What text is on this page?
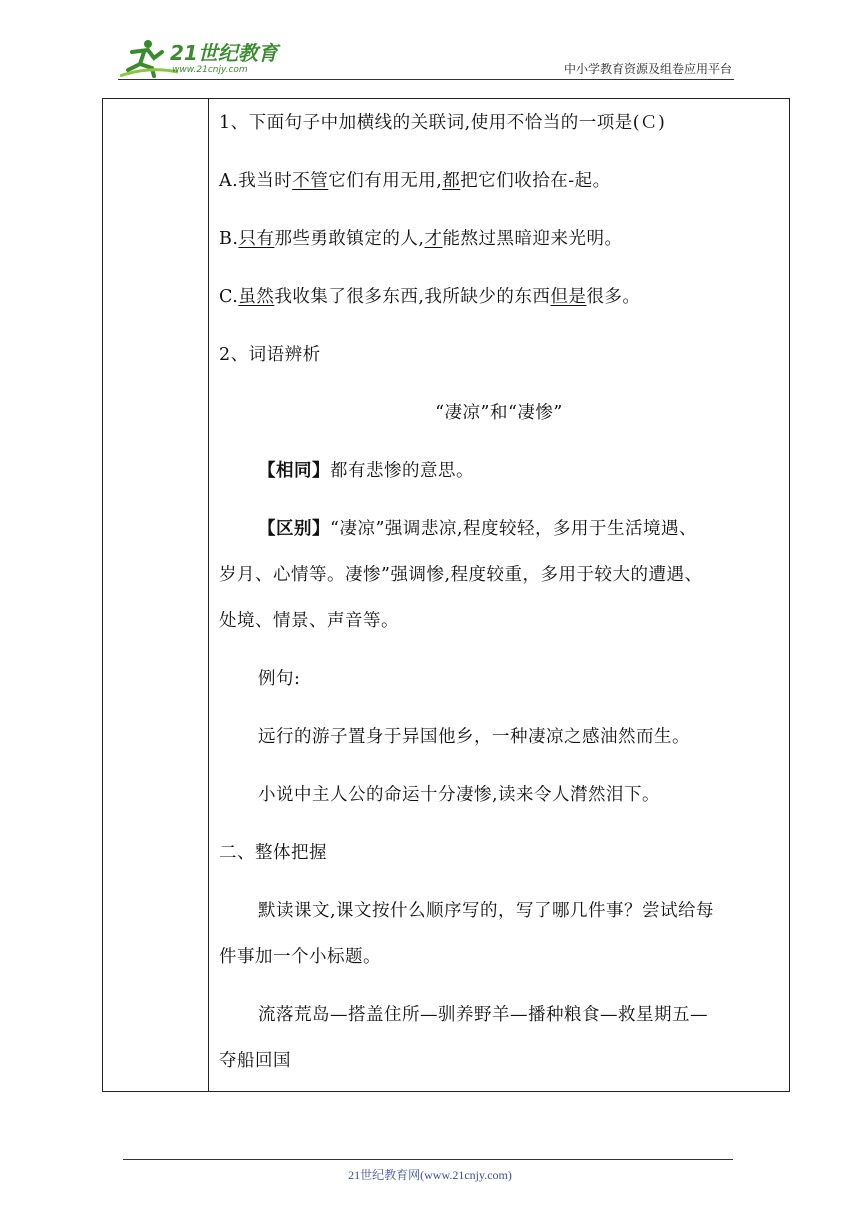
21世纪教育
www.21cnjy.com	中小学教育资源及组卷应用平台
1、下面句子中加横线的关联词,使用不恰当的一项是(Ｃ)
A.我当时不管它们有用无用,都把它们收拾在-起。
B.只有那些勇敢镇定的人,才能熬过黑暗迎来光明。
C.虽然我收集了很多东西,我所缺少的东西但是很多。
2、词语辨析
“凄凉”和“凄惨”
【相同】都有悲惨的意思。
【区别】“凄凉”强调悲凉,程度较轻，多用于生活境遇、
岁月、心情等。凄惨”强调惨,程度较重，多用于较大的遭遇、
处境、情景、声音等。
例句:
远行的游子置身于异国他乡，一种凄凉之感油然而生。
小说中主人公的命运十分凄惨,读来令人潸然泪下。
二、整体把握
默读课文,课文按什么顺序写的，写了哪几件事？尝试给每
件事加一个小标题。
流落荒岛—搭盖住所—驯养野羊—播种粮食—救星期五—
夺船回国
21世纪教育网(www.21cnjy.com)
